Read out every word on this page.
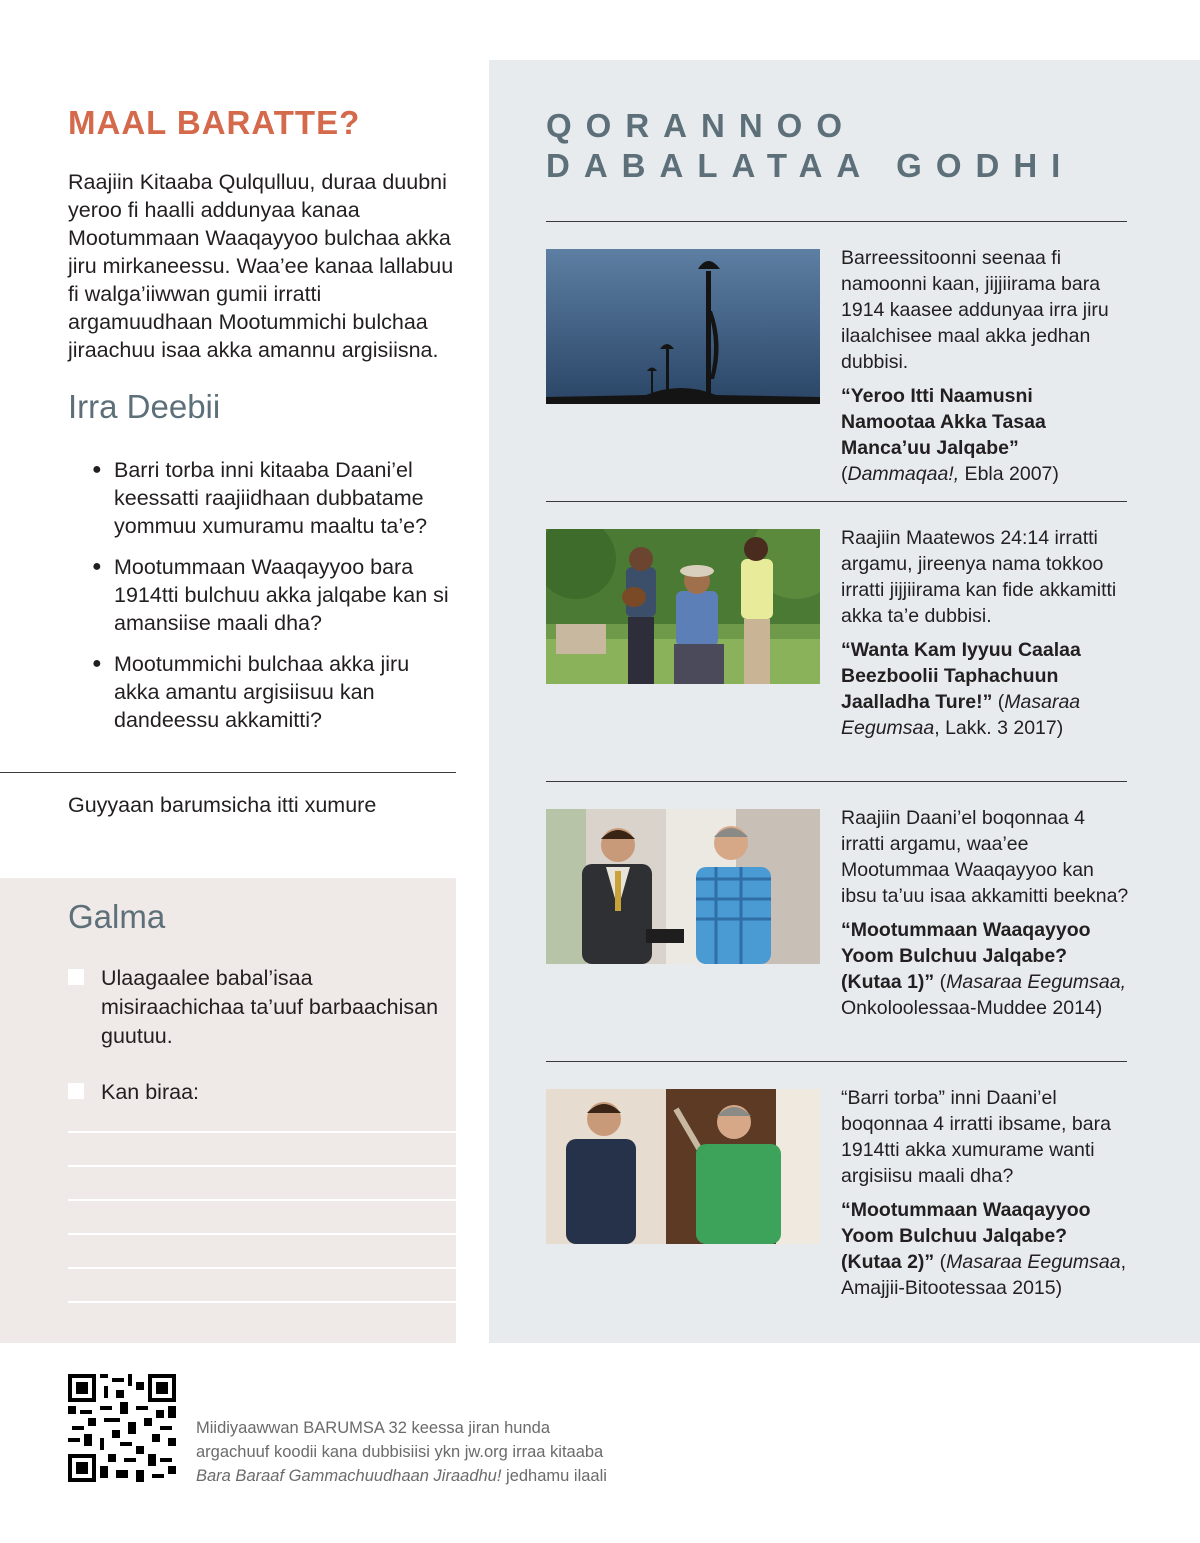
MAAL BARATTE?

Raajiin Kitaaba Qulqulluu, duraa duubni yeroo fi haalli addunyaa kanaa Mootummaan Waaqayyoo bulchaa akka jiru mirkaneessu. Waa’ee kanaa lallabuu fi walga’iiwwan gumii irratti argamuudhaan Mootummichi bulchaa jiraachuu isaa akka amannu argisiisna.

Irra Deebii
● Barri torba inni kitaaba Daani’el keessatti raajiidhaan dubbatame yommuu xumuramu maaltu ta’e?
● Mootummaan Waaqayyoo bara 1914tti bulchuu akka jalqabe kan si amansiise maali dha?
● Mootummichi bulchaa akka jiru akka amantu argisiisuu kan dandeessu akkamitti?

Guyyaan barumsicha itti xumure

Galma
Ulaagaalee babal’isaa misiraachichaa ta’uuf barbaachisan guutuu.
Kan biraa:
QORANNOO
DABALATAA GODHI

Barreessitoonni seenaa fi namoonni kaan, jijjiirama bara 1914 kaasee addunyaa irra jiru ilaalchisee maal akka jedhan dubbisi.

“Yeroo Itti Naamusni Namootaa Akka Tasaa Manca’uu Jalqabe” (Dammaqaa!, Ebla 2007)

Raajiin Maatewos 24:14 irratti argamu, jireenya nama tokkoo irratti jijjiirama kan fide akkamitti akka ta’e dubbisi.

“Wanta Kam Iyyuu Caalaa Beezboolii Taphachuun Jaalladha Ture!” (Masaraa Eegumsaa, Lakk. 3 2017)

Raajiin Daani’el boqonnaa 4 irratti argamu, waa’ee Mootummaa Waaqayyoo kan ibsu ta’uu isaa akkamitti beekna?

“Mootummaan Waaqayyoo Yoom Bulchuu Jalqabe? (Kutaa 1)” (Masaraa Eegumsaa, Onkoloolessaa-Muddee 2014)

“Barri torba” inni Daani’el boqonnaa 4 irratti ibsame, bara 1914tti akka xumurame wanti argisiisu maali dha?

“Mootummaan Waaqayyoo Yoom Bulchuu Jalqabe? (Kutaa 2)” (Masaraa Eegumsaa, Amajjii-Bitootessaa 2015)

Miidiyaawwan BARUMSA 32 keessa jiran hunda
argachuuf koodii kana dubbisiisi ykn jw.org irraa kitaaba
Bara Baraaf Gammachuudhaan Jiraadhu! jedhamu ilaali
